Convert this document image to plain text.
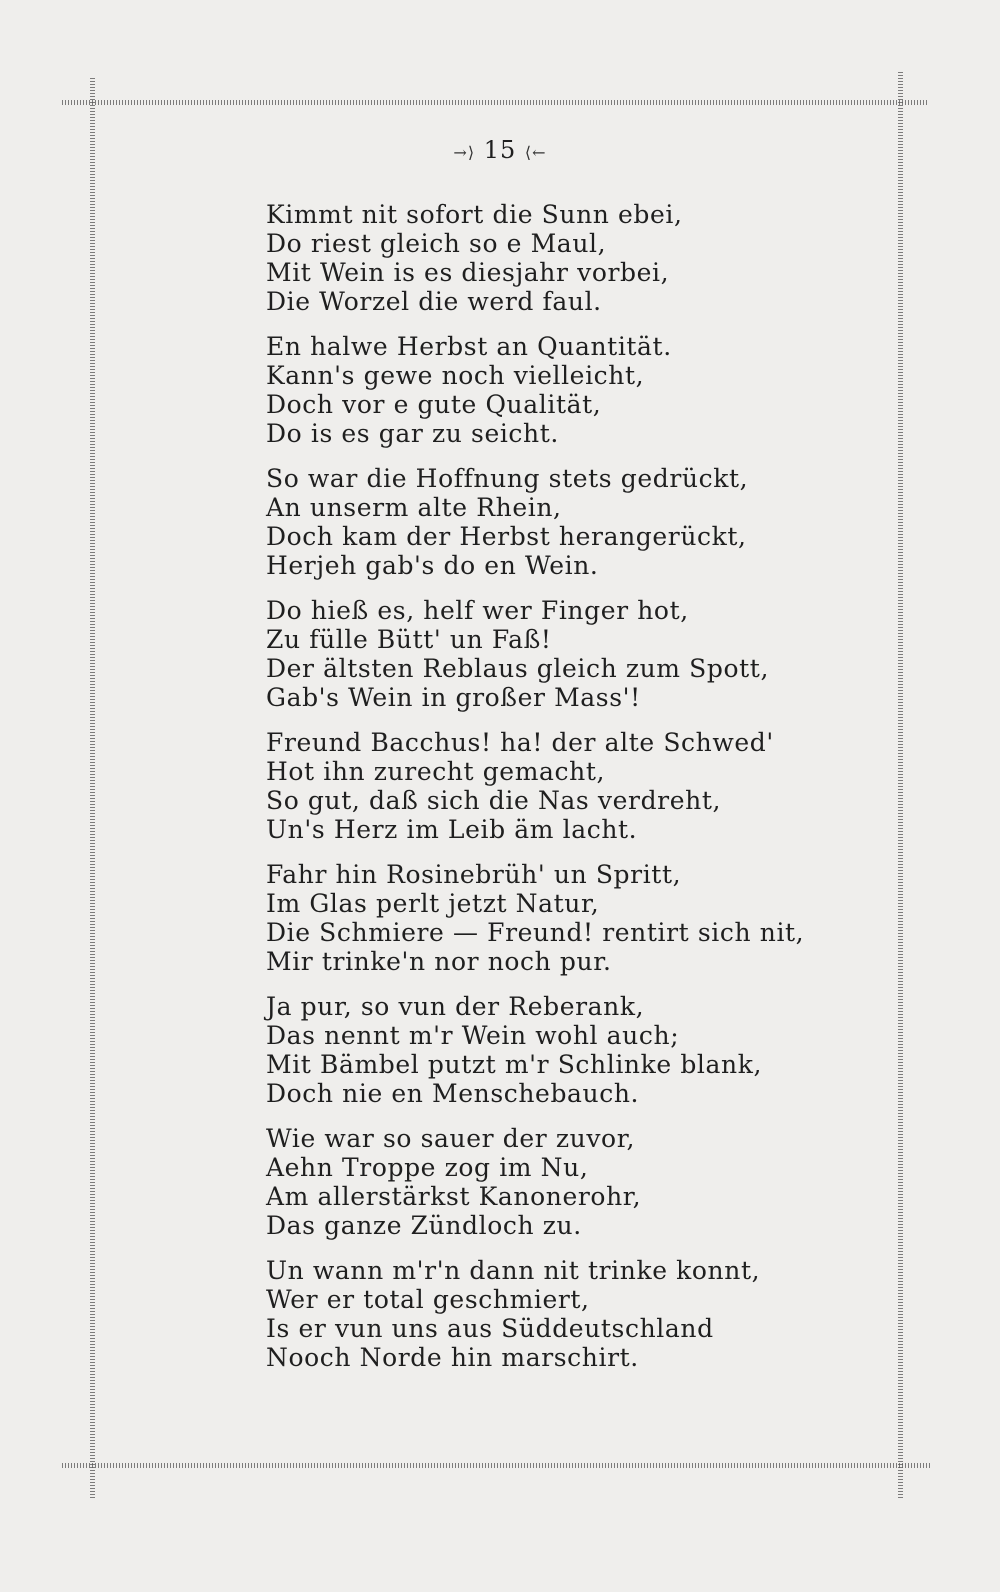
→⟩ 15 ⟨←
Kimmt nit sofort die Sunn ebei,
Do riest gleich so e Maul,
Mit Wein is es diesjahr vorbei,
Die Worzel die werd faul.
En halwe Herbst an Quantität.
Kann's gewe noch vielleicht,
Doch vor e gute Qualität,
Do is es gar zu seicht.
So war die Hoffnung stets gedrückt,
An unserm alte Rhein,
Doch kam der Herbst herangerückt,
Herjeh gab's do en Wein.
Do hieß es, helf wer Finger hot,
Zu fülle Bütt' un Faß!
Der ältsten Reblaus gleich zum Spott,
Gab's Wein in großer Mass'!
Freund Bacchus! ha! der alte Schwed'
Hot ihn zurecht gemacht,
So gut, daß sich die Nas verdreht,
Un's Herz im Leib äm lacht.
Fahr hin Rosinebrüh' un Spritt,
Im Glas perlt jetzt Natur,
Die Schmiere — Freund! rentirt sich nit,
Mir trinke'n nor noch pur.
Ja pur, so vun der Reberank,
Das nennt m'r Wein wohl auch;
Mit Bämbel putzt m'r Schlinke blank,
Doch nie en Menschebauch.
Wie war so sauer der zuvor,
Aehn Troppe zog im Nu,
Am allerstärkst Kanonerohr,
Das ganze Zündloch zu.
Un wann m'r'n dann nit trinke konnt,
Wer er total geschmiert,
Is er vun uns aus Süddeutschland
Nooch Norde hin marschirt.
